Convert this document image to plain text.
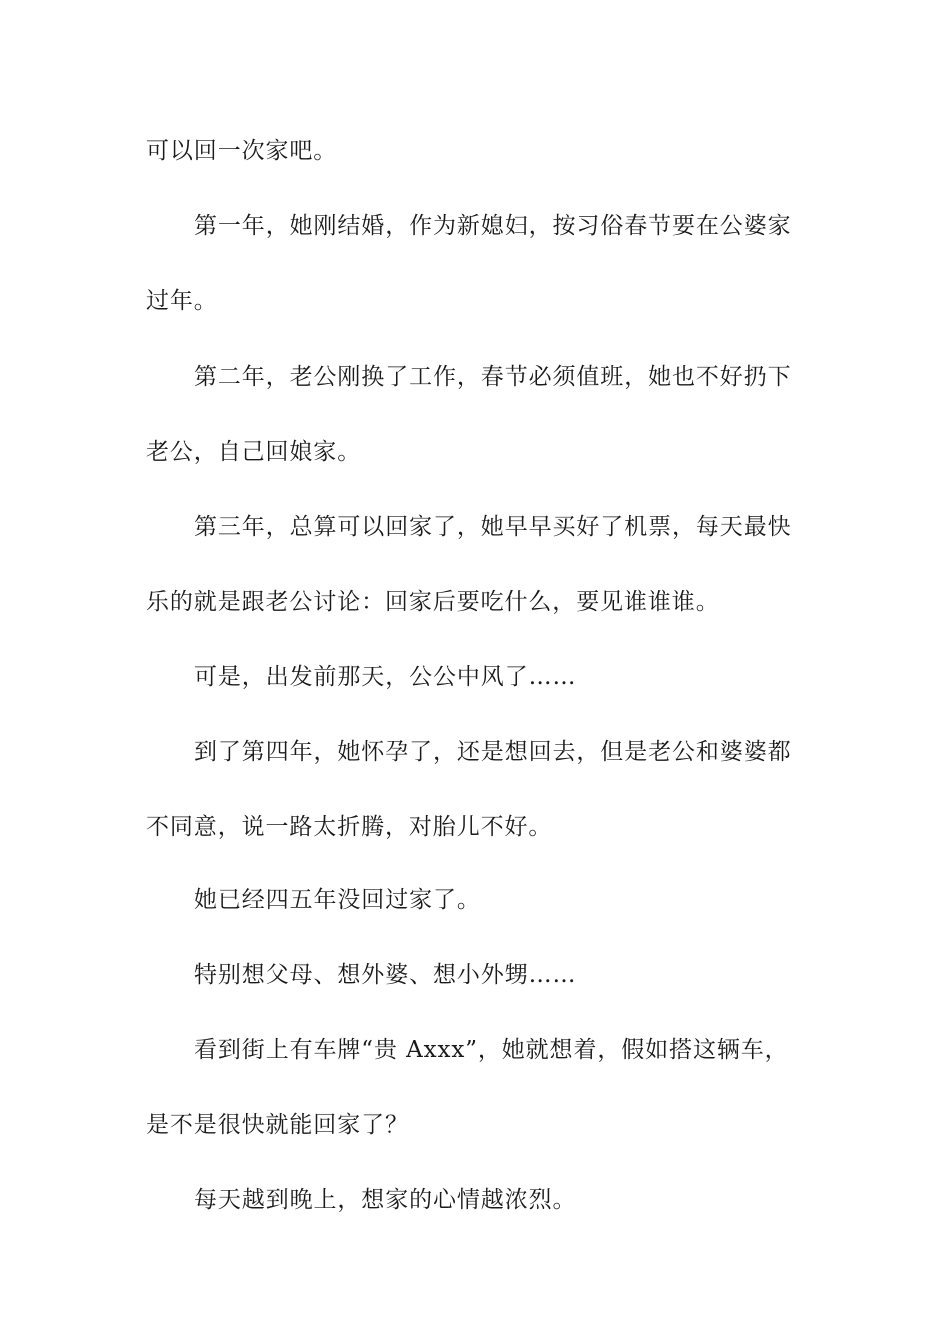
可以回一次家吧。

第一年，她刚结婚，作为新媳妇，按习俗春节要在公婆家

过年。

第二年，老公刚换了工作，春节必须值班，她也不好扔下

老公，自己回娘家。

第三年，总算可以回家了，她早早买好了机票，每天最快

乐的就是跟老公讨论：回家后要吃什么，要见谁谁谁。

可是，出发前那天，公公中风了……

到了第四年，她怀孕了，还是想回去，但是老公和婆婆都

不同意，说一路太折腾，对胎儿不好。

她已经四五年没回过家了。

特别想父母、想外婆、想小外甥……

看到街上有车牌“贵 Axxx”，她就想着，假如搭这辆车，

是不是很快就能回家了？

每天越到晚上，想家的心情越浓烈。
